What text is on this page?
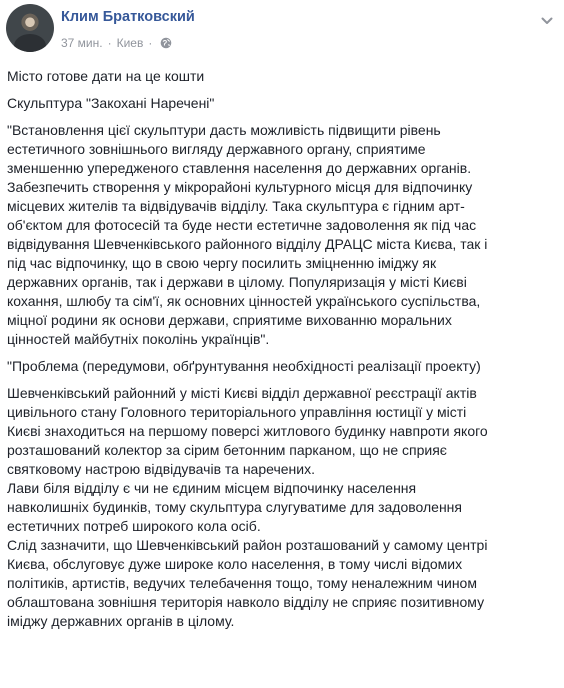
Клим Братковский
37 мин. · Киев ·
Місто готове дати на це кошти
Скульптура "Закохані Наречені"
"Встановлення цієї скульптури дасть можливість підвищити рівень
естетичного зовнішнього вигляду державного органу, сприятиме
зменшенню упередженого ставлення населення до державних органів.
Забезпечить створення у мікрорайоні культурного місця для відпочинку
місцевих жителів та відвідувачів відділу. Така скульптура є гідним арт-
об'єктом для фотосесій та буде нести естетичне задоволення як під час
відвідування Шевченківського районного відділу ДРАЦС міста Києва, так і
під час відпочинку, що в свою чергу посилить зміцненню іміджу як
державних органів, так і держави в цілому. Популяризація у місті Києві
кохання, шлюбу та сім'ї, як основних цінностей українського суспільства,
міцної родини як основи держави, сприятиме вихованню моральних
цінностей майбутніх поколінь українців".
"Проблема (передумови, обґрунтування необхідності реалізації проекту)
Шевченківський районний у місті Києві відділ державної реєстрації актів
цивільного стану Головного територіального управління юстиції у місті
Києві знаходиться на першому поверсі житлового будинку навпроти якого
розташований колектор за сірим бетонним парканом, що не сприяє
святковому настрою відвідувачів та наречених.
Лави біля відділу є чи не єдиним місцем відпочинку населення
навколишніх будинків, тому скульптура слугуватиме для задоволення
естетичних потреб широкого кола осіб.
Слід зазначити, що Шевченківський район розташований у самому центрі
Києва, обслуговує дуже широке коло населення, в тому числі відомих
політиків, артистів, ведучих телебачення тощо, тому неналежним чином
облаштована зовнішня територія навколо відділу не сприяє позитивному
іміджу державних органів в цілому.
